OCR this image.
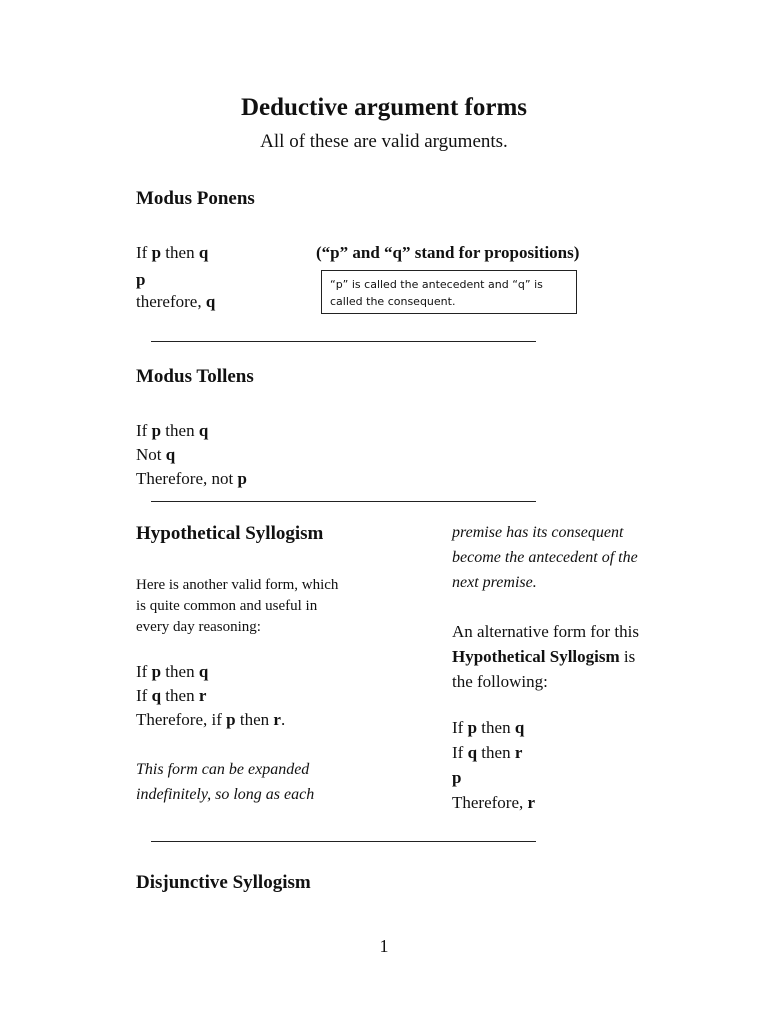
Deductive argument forms
All of these are valid arguments.
Modus Ponens
If p then q	(“p” and “q” stand for propositions)
p
therefore, q
“p” is called the antecedent and “q” is called the consequent.
Modus Tollens
If p then q
Not q
Therefore, not p
Hypothetical Syllogism
Here is another valid form, which
is quite common and useful in
every day reasoning:
If p then q
If q then r
Therefore, if p then r.
This form can be expanded
indefinitely, so long as each
premise has its consequent
become the antecedent of the
next premise.
An alternative form for this
Hypothetical Syllogism is
the following:
If p then q
If q then r
p
Therefore, r
Disjunctive Syllogism
1
